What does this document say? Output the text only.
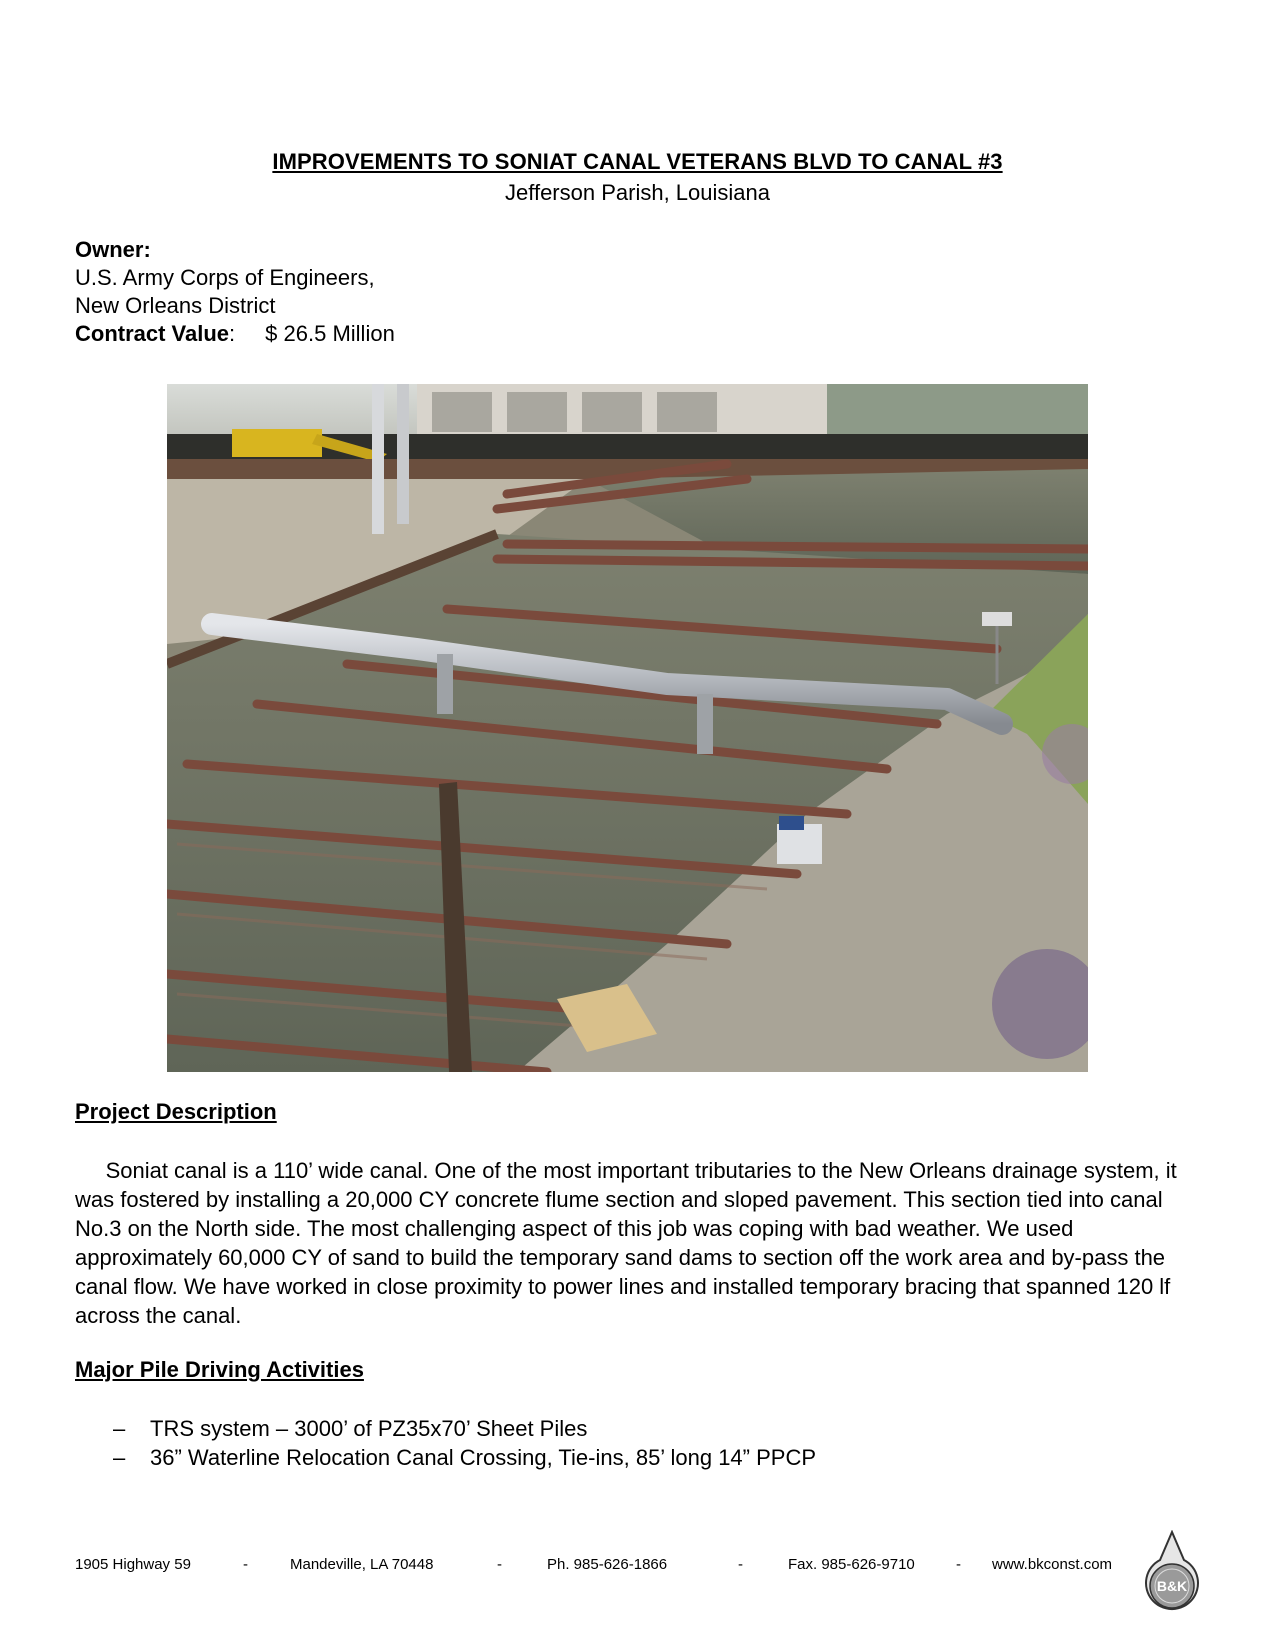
IMPROVEMENTS TO SONIAT CANAL VETERANS BLVD TO CANAL #3
Jefferson Parish, Louisiana
Owner:
U.S. Army Corps of Engineers,
New Orleans District
Contract Value: $ 26.5 Million
Project Description
Soniat canal is a 110’ wide canal. One of the most important tributaries to the New Orleans drainage system, it was fostered by installing a 20,000 CY concrete flume section and sloped pavement. This section tied into canal No.3 on the North side. The most challenging aspect of this job was coping with bad weather. We used approximately 60,000 CY of sand to build the temporary sand dams to section off the work area and by-pass the canal flow. We have worked in close proximity to power lines and installed temporary bracing that spanned 120 lf across the canal.
Major Pile Driving Activities
–	TRS system – 3000’ of PZ35x70’ Sheet Piles
–	36” Waterline Relocation Canal Crossing, Tie-ins, 85’ long 14” PPCP
1905 Highway 59	-	Mandeville, LA 70448	-	Ph. 985-626-1866	-	Fax. 985-626-9710	- www.bkconst.com
B&K
